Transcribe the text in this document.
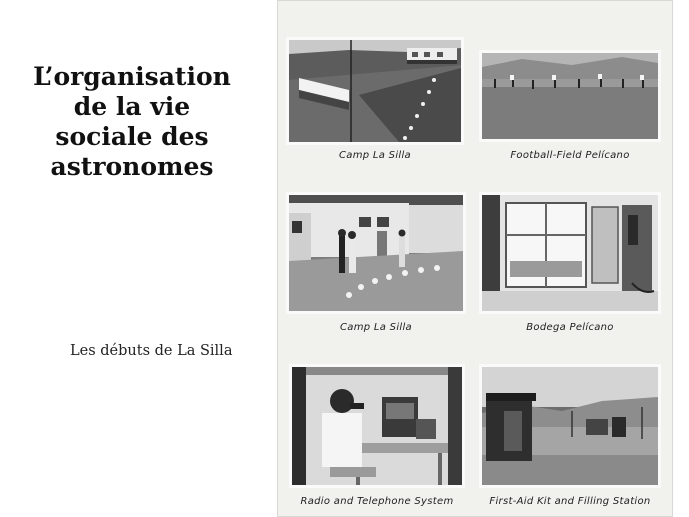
L’organisation
de la vie
sociale des
astronomes
Les débuts de La Silla
Camp La Silla	Football-Field Pelícano
Camp La Silla	Bodega Pelícano
Radio and Telephone System	First-Aid Kit and Filling Station
